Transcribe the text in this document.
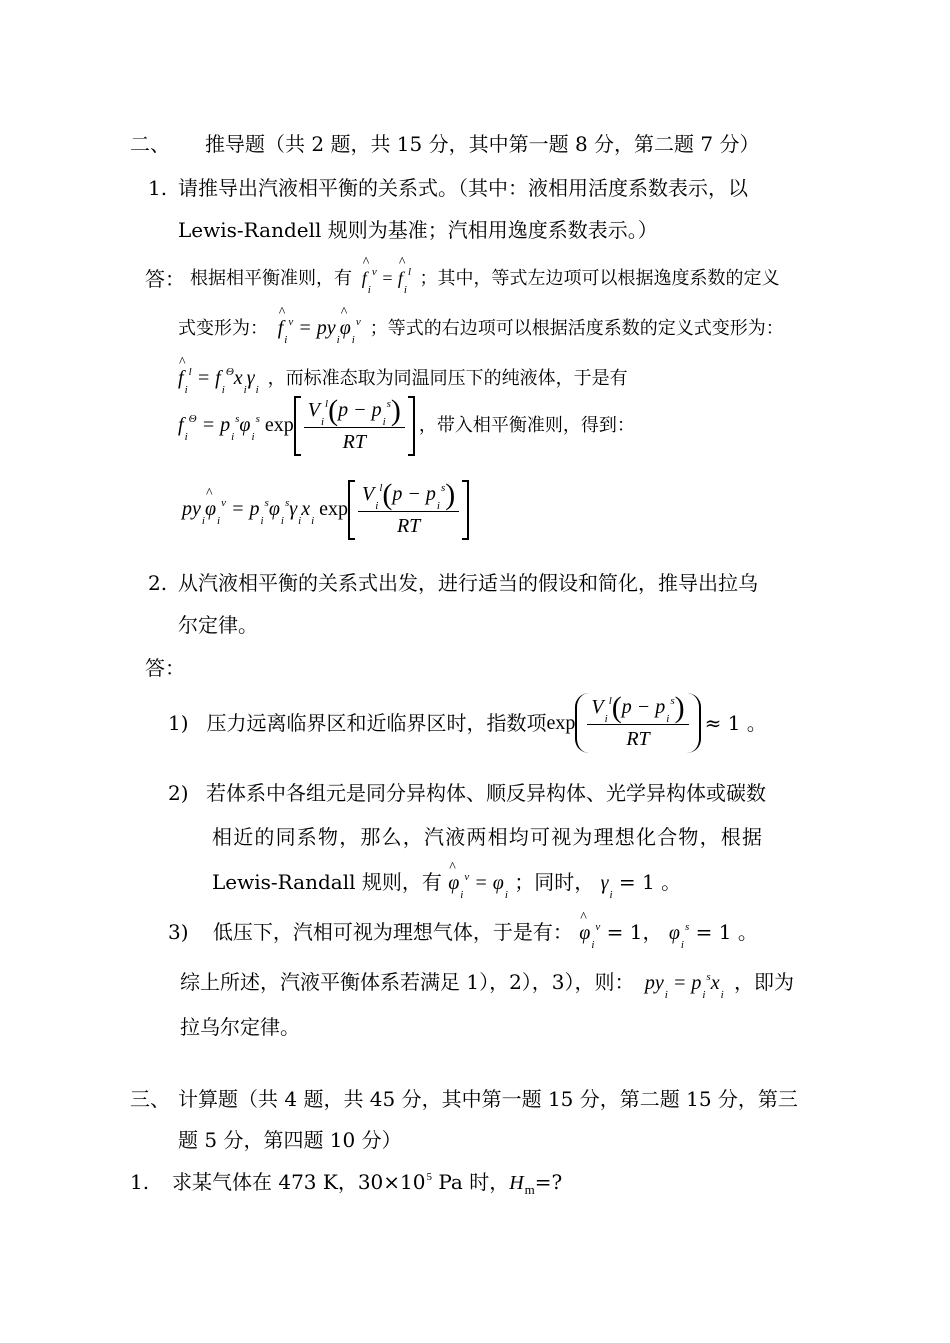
二、 推导题（共 2 题，共 15 分，其中第一题 8 分，第二题 7 分）
1. 请推导出汽液相平衡的关系式。（其中：液相用活度系数表示，以
Lewis-Randell 规则为基准；汽相用逸度系数表示。）
答： 根据相平衡准则，有 ^ $f_i^v$ = ^ $f_i^l$ ；其中，等式左边项可以根据逸度系数的定义
式变形为： ^ $f_i^v$ = $py_i\^{}$ $\varphi_i^v$ ；等式的右边项可以根据活度系数的定义式变形为：
^ $f_i^l = f_i^\Theta x_i\gamma_i$ ，而标准态取为同温同压下的纯液体，于是有
$f_i^\Theta = p_i^s\varphi_i^s$ $\exp \frac{V_i^l(p - p_i^s)}{RT}$ ，带入相平衡准则，得到：
$py_i\^{}$ $\varphi_i^v = p_i^s\varphi_i^s\gamma_ix_i$ $\exp \frac{V_i^l(p - p_i^s)}{RT}$
2. 从汽液相平衡的关系式出发，进行适当的假设和简化，推导出拉乌
尔定律。
答：
1) 压力远离临界区和近临界区时，指数项 $\exp \frac{V_i^l(p - p_i^s)}{RT} \approx 1$ 。
2) 若体系中各组元是同分异构体、顺反异构体、光学异构体或碳数
相近的同系物，那么，汽液两相均可视为理想化合物，根据
Lewis-Randall 规则，有 ^ $\varphi_i^v = \varphi_i$ ；同时， $\gamma_i = 1$ 。
3) 低压下，汽相可视为理想气体，于是有： ^ $\varphi_i^v = 1$， $\varphi_i^s = 1$ 。
综上所述，汽液平衡体系若满足 1），2），3），则： $py_i = p_i^sx_i$ ，即为
拉乌尔定律。
三、 计算题（共 4 题，共 45 分，其中第一题 15 分，第二题 15 分，第三
题 5 分，第四题 10 分）
1. 求某气体在 473 K，$30\times 10^5$ Pa 时，$H_m=$?
